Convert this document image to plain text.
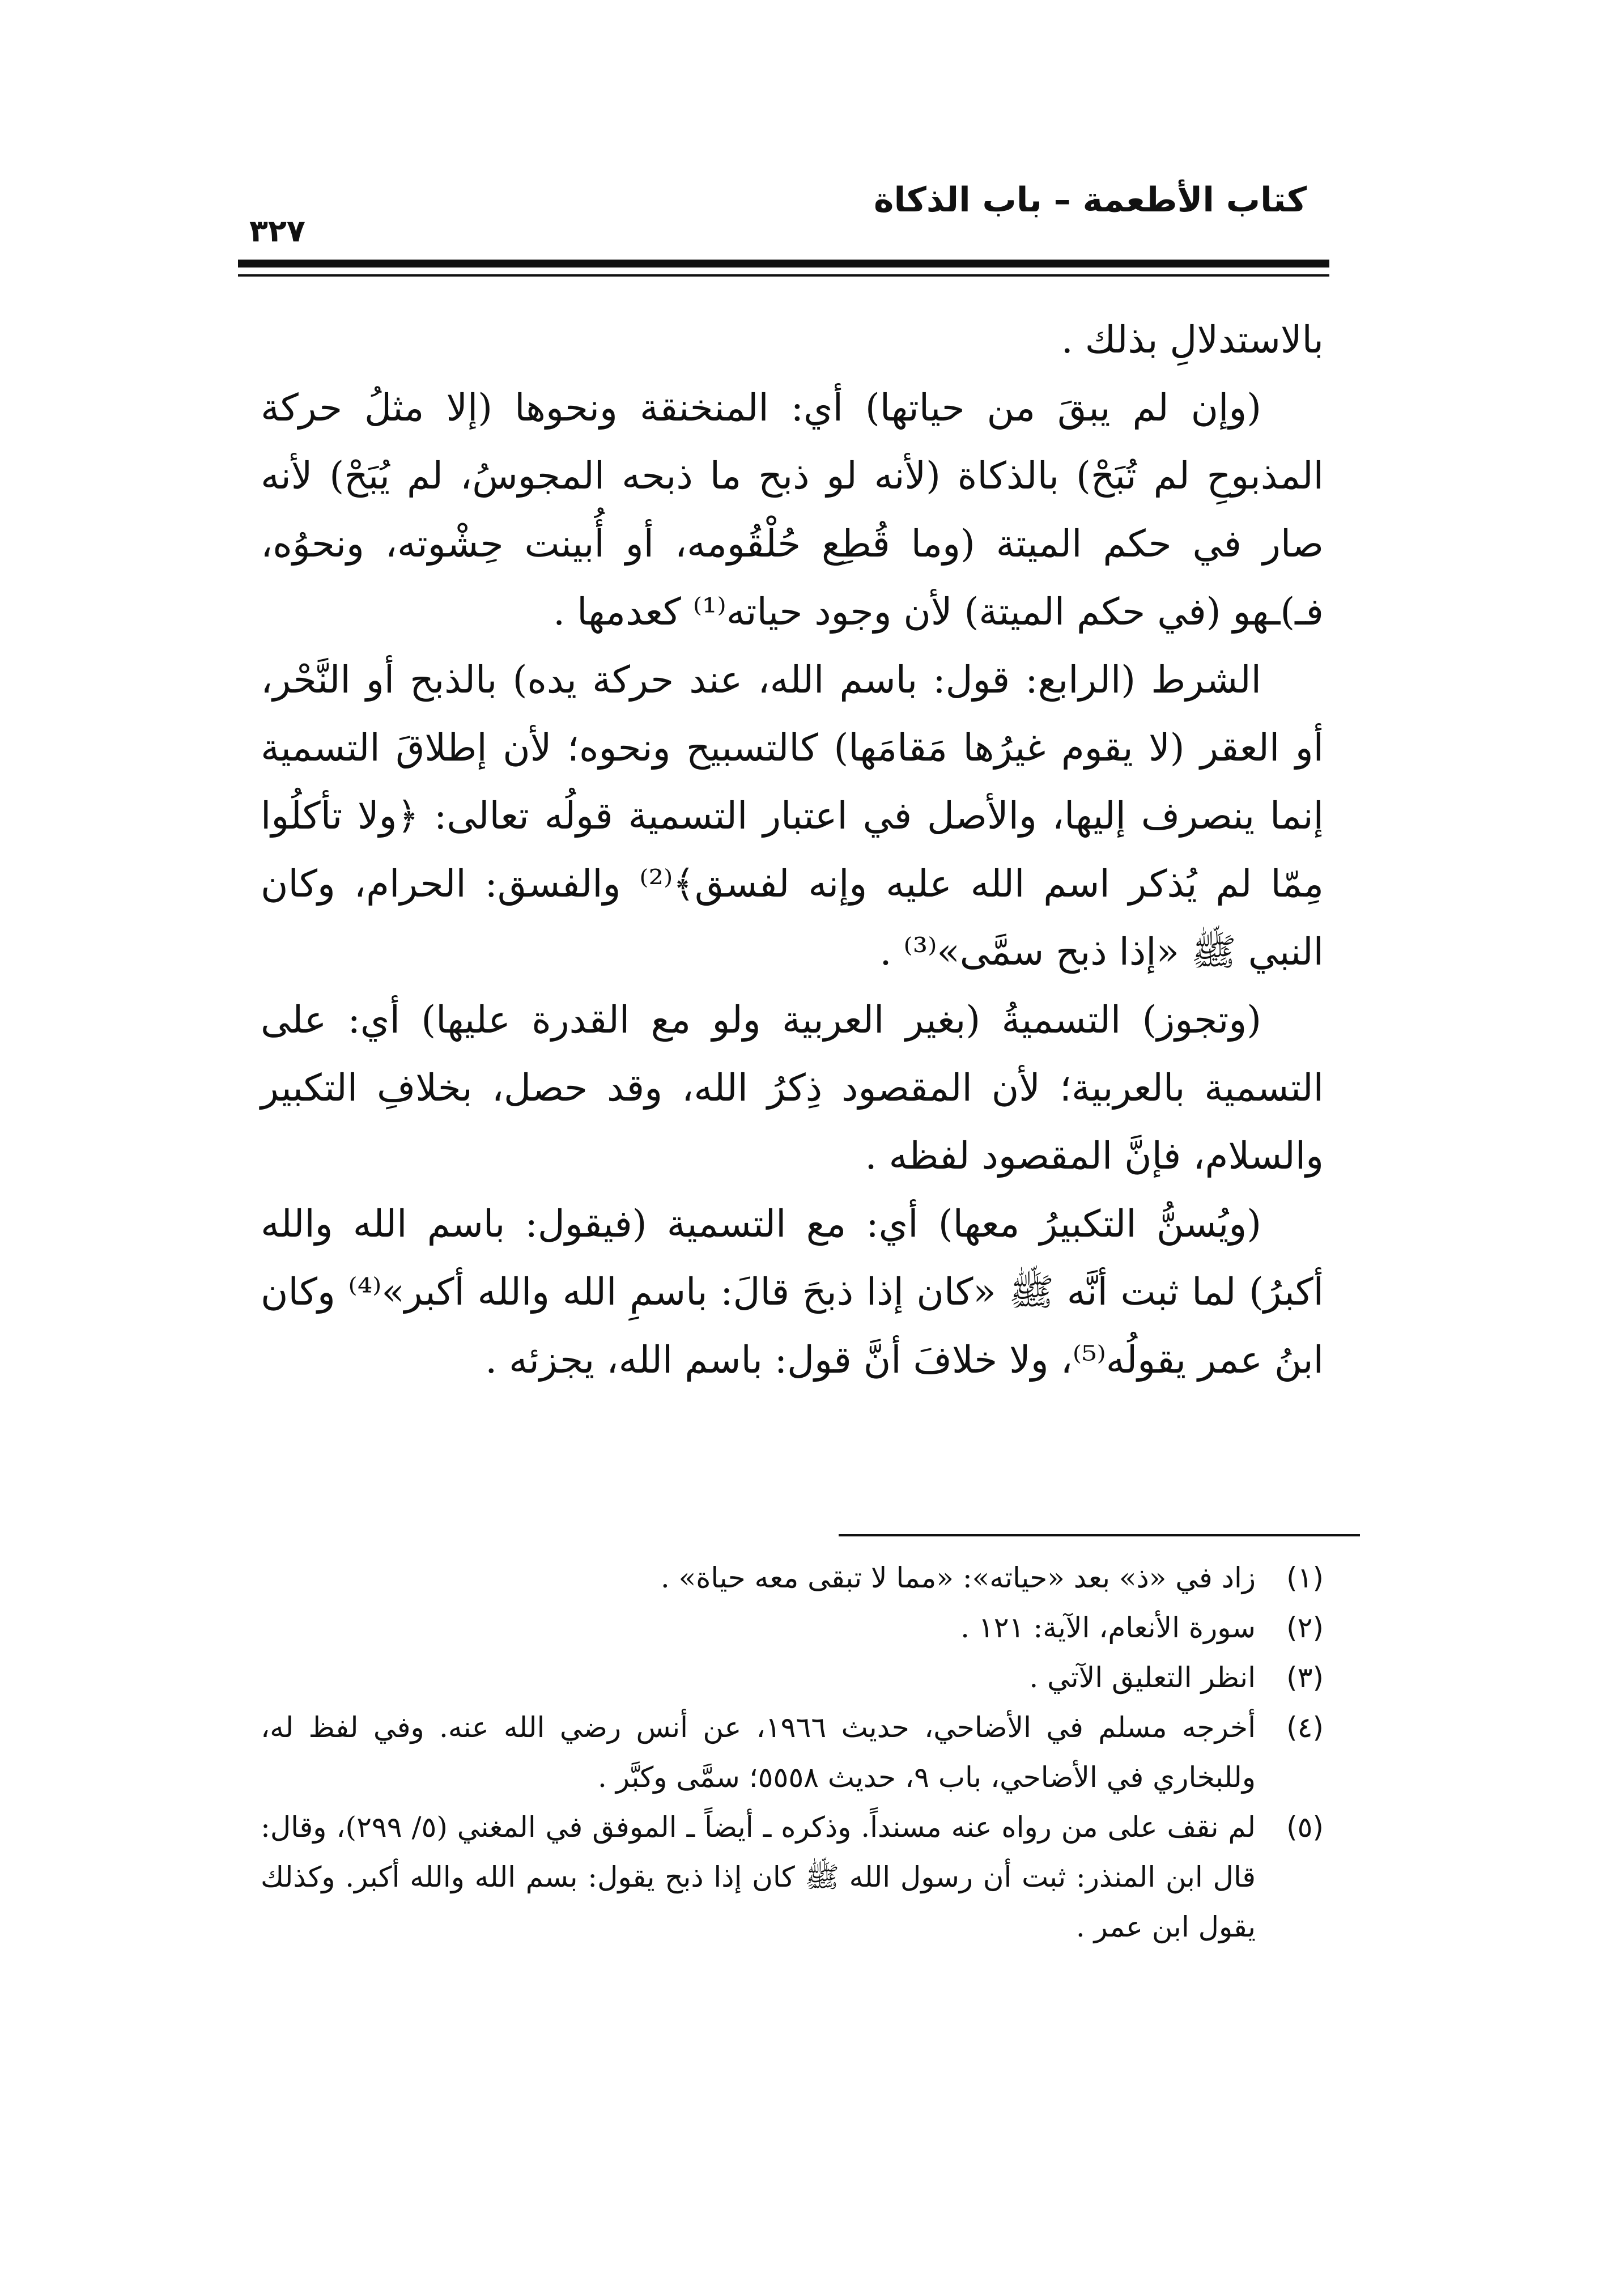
كتاب الأطعمة – باب الذكاة
٣٢٧

بالاستدلالِ بذلك .

(وإن لم يبقَ من حياتها) أي: المنخنقة ونحوها (إلا مثلُ حركة المذبوحِ لم تُبَحْ) بالذكاة (لأنه لو ذبح ما ذبحه المجوسُ، لم يُبَحْ) لأنه صار في حكم الميتة (وما قُطِع حُلْقُومه، أو أُبينت حِشْوته، ونحوُه، فـ)ـهو (في حكم الميتة) لأن وجود حياته⁽¹⁾ كعدمها .

الشرط (الرابع: قول: باسم الله، عند حركة يده) بالذبح أو النَّحْر، أو العقر (لا يقوم غيرُها مَقامَها) كالتسبيح ونحوه؛ لأن إطلاقَ التسمية إنما ينصرف إليها، والأصل في اعتبار التسمية قولُه تعالى: ﴿ولا تأكلُوا مِمّا لم يُذكر اسم الله عليه وإنه لفسق﴾⁽²⁾ والفسق: الحرام، وكان النبي ﷺ «إذا ذبح سمَّى»⁽³⁾ .

(وتجوز) التسميةُ (بغير العربية ولو مع القدرة عليها) أي: على التسمية بالعربية؛ لأن المقصود ذِكرُ الله، وقد حصل، بخلافِ التكبير والسلام، فإنَّ المقصود لفظه .

(ويُسنُّ التكبيرُ معها) أي: مع التسمية (فيقول: باسم الله والله أكبرُ) لما ثبت أنَّه ﷺ «كان إذا ذبحَ قالَ: باسمِ الله والله أكبر»⁽⁴⁾ وكان ابنُ عمر يقولُه⁽⁵⁾، ولا خلافَ أنَّ قول: باسم الله، يجزئه .

(١)
زاد في «ذ» بعد «حياته»: «مما لا تبقى معه حياة» .
(٢)
سورة الأنعام، الآية: ١٢١ .
(٣)
انظر التعليق الآتي .
(٤)
أخرجه مسلم في الأضاحي، حديث ١٩٦٦، عن أنس رضي الله عنه. وفي لفظ له، وللبخاري في الأضاحي، باب ٩، حديث ٥٥٥٨؛ سمَّى وكبَّر .
(٥)
لم نقف على من رواه عنه مسنداً. وذكره ـ أيضاً ـ الموفق في المغني (٥/ ٢٩٩)، وقال: قال ابن المنذر: ثبت أن رسول الله ﷺ كان إذا ذبح يقول: بسم الله والله أكبر. وكذلك يقول ابن عمر .
